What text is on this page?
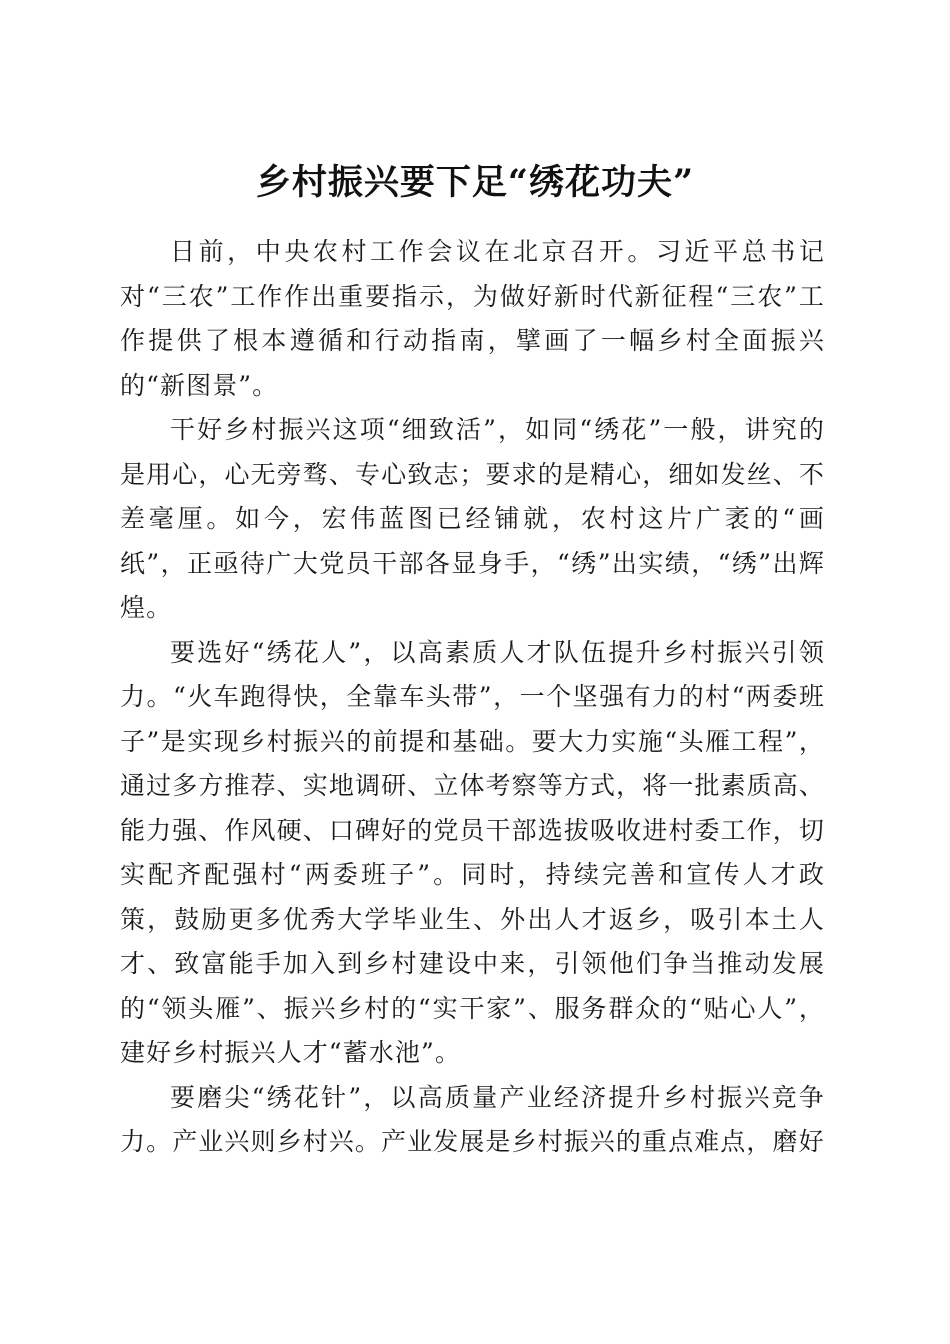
乡村振兴要下足“绣花功夫”

日前，中央农村工作会议在北京召开。习近平总书记对“三农”工作作出重要指示，为做好新时代新征程“三农”工作提供了根本遵循和行动指南，擘画了一幅乡村全面振兴的“新图景”。

干好乡村振兴这项“细致活”，如同“绣花”一般，讲究的是用心，心无旁骛、专心致志；要求的是精心，细如发丝、不差毫厘。如今，宏伟蓝图已经铺就，农村这片广袤的“画纸”，正亟待广大党员干部各显身手，“绣”出实绩，“绣”出辉煌。

要选好“绣花人”，以高素质人才队伍提升乡村振兴引领力。“火车跑得快，全靠车头带”，一个坚强有力的村“两委班子”是实现乡村振兴的前提和基础。要大力实施“头雁工程”，通过多方推荐、实地调研、立体考察等方式，将一批素质高、能力强、作风硬、口碑好的党员干部选拔吸收进村委工作，切实配齐配强村“两委班子”。同时，持续完善和宣传人才政策，鼓励更多优秀大学毕业生、外出人才返乡，吸引本土人才、致富能手加入到乡村建设中来，引领他们争当推动发展的“领头雁”、振兴乡村的“实干家”、服务群众的“贴心人”，建好乡村振兴人才“蓄水池”。

要磨尖“绣花针”，以高质量产业经济提升乡村振兴竞争力。产业兴则乡村兴。产业发展是乡村振兴的重点难点，磨好
